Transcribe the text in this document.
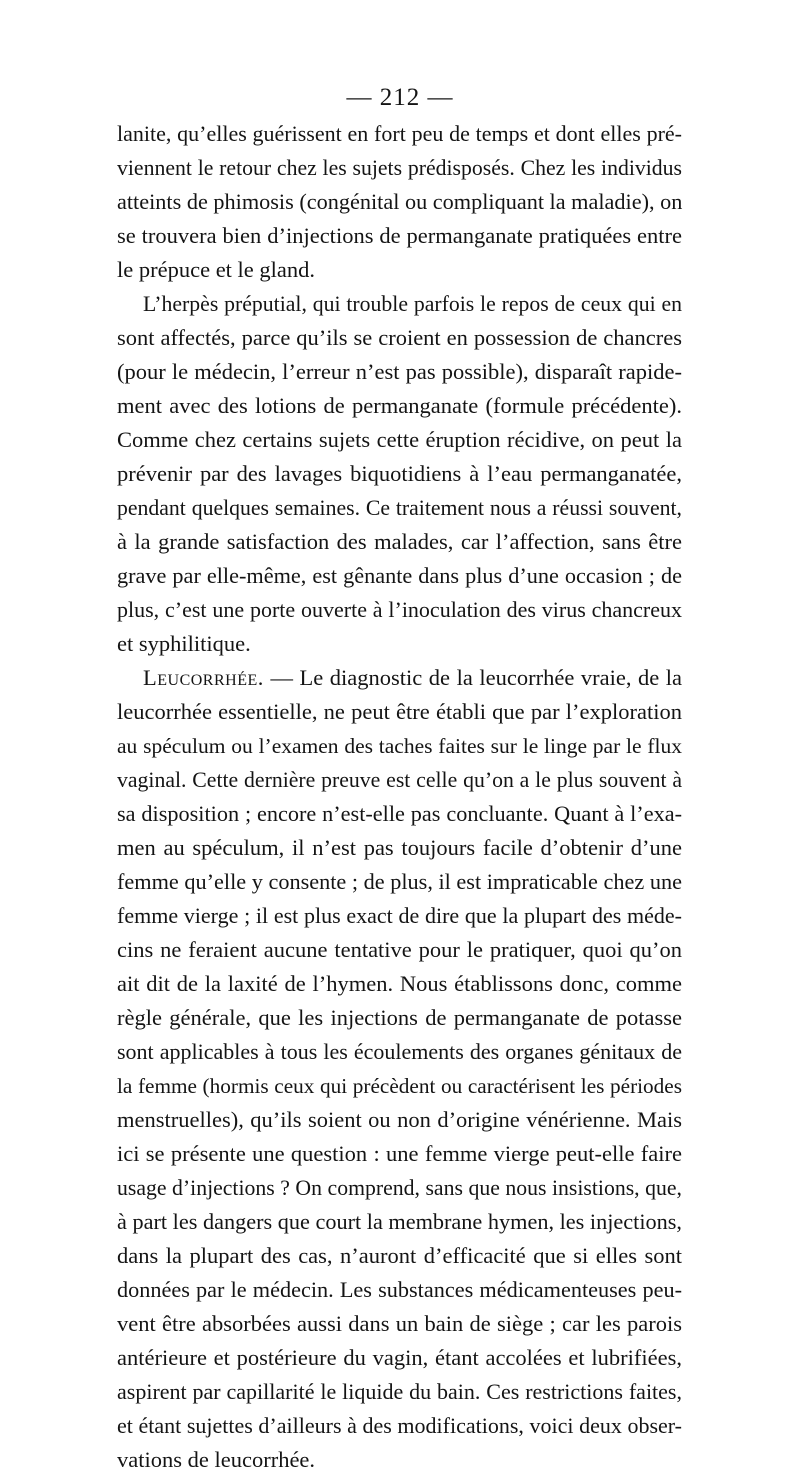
— 212 —
lanite, qu’elles guérissent en fort peu de temps et dont elles pré-
viennent le retour chez les sujets prédisposés. Chez les individus
atteints de phimosis (congénital ou compliquant la maladie), on
se trouvera bien d’injections de permanganate pratiquées entre
le prépuce et le gland.
L’herpès préputial, qui trouble parfois le repos de ceux qui en
sont affectés, parce qu’ils se croient en possession de chancres
(pour le médecin, l’erreur n’est pas possible), disparaît rapide-
ment avec des lotions de permanganate (formule précédente).
Comme chez certains sujets cette éruption récidive, on peut la
prévenir par des lavages biquotidiens à l’eau permanganatée,
pendant quelques semaines. Ce traitement nous a réussi souvent,
à la grande satisfaction des malades, car l’affection, sans être
grave par elle-même, est gênante dans plus d’une occasion ; de
plus, c’est une porte ouverte à l’inoculation des virus chancreux
et syphilitique.
Leucorrhée. — Le diagnostic de la leucorrhée vraie, de la
leucorrhée essentielle, ne peut être établi que par l’exploration
au spéculum ou l’examen des taches faites sur le linge par le flux
vaginal. Cette dernière preuve est celle qu’on a le plus souvent à
sa disposition ; encore n’est-elle pas concluante. Quant à l’exa-
men au spéculum, il n’est pas toujours facile d’obtenir d’une
femme qu’elle y consente ; de plus, il est impraticable chez une
femme vierge ; il est plus exact de dire que la plupart des méde-
cins ne feraient aucune tentative pour le pratiquer, quoi qu’on
ait dit de la laxité de l’hymen. Nous établissons donc, comme
règle générale, que les injections de permanganate de potasse
sont applicables à tous les écoulements des organes génitaux de
la femme (hormis ceux qui précèdent ou caractérisent les périodes
menstruelles), qu’ils soient ou non d’origine vénérienne. Mais
ici se présente une question : une femme vierge peut-elle faire
usage d’injections ? On comprend, sans que nous insistions, que,
à part les dangers que court la membrane hymen, les injections,
dans la plupart des cas, n’auront d’efficacité que si elles sont
données par le médecin. Les substances médicamenteuses peu-
vent être absorbées aussi dans un bain de siège ; car les parois
antérieure et postérieure du vagin, étant accolées et lubrifiées,
aspirent par capillarité le liquide du bain. Ces restrictions faites,
et étant sujettes d’ailleurs à des modifications, voici deux obser-
vations de leucorrhée.
